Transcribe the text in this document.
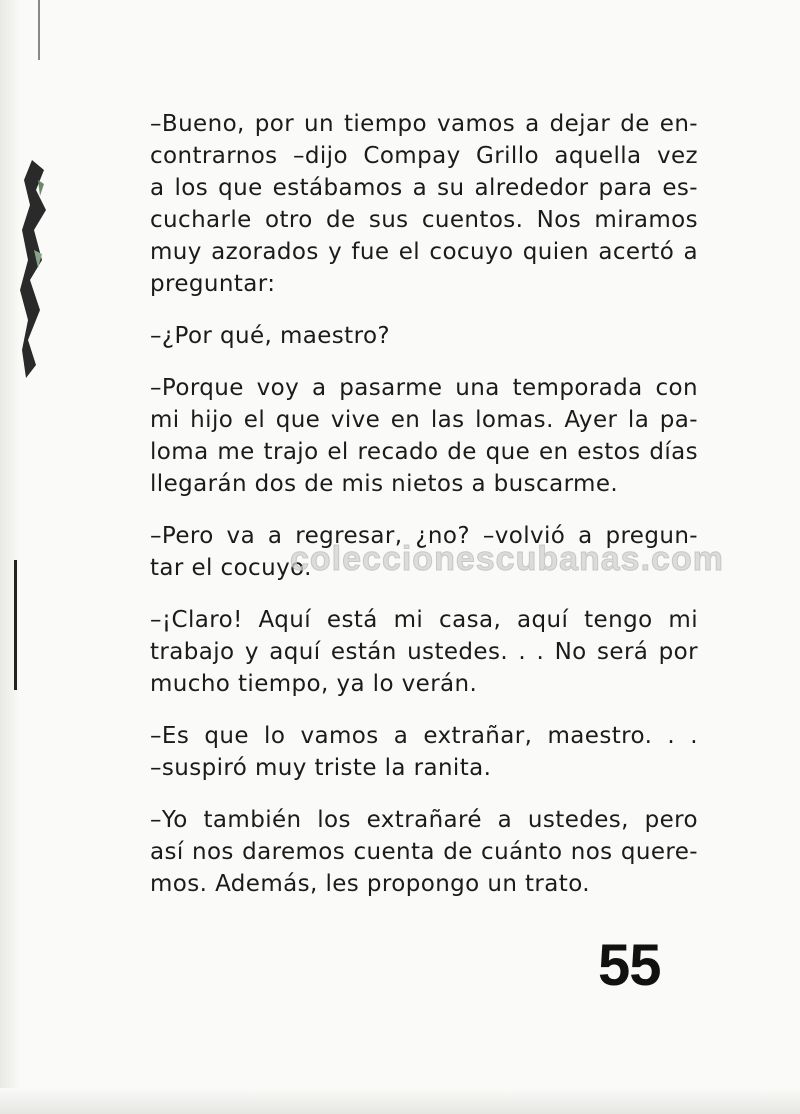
–Bueno, por un tiempo vamos a dejar de en-
contrarnos –dijo Compay Grillo aquella vez
a los que estábamos a su alrededor para es-
cucharle otro de sus cuentos. Nos miramos
muy azorados y fue el cocuyo quien acertó a
preguntar:
–¿Por qué, maestro?
–Porque voy a pasarme una temporada con
mi hijo el que vive en las lomas. Ayer la pa-
loma me trajo el recado de que en estos días
llegarán dos de mis nietos a buscarme.
–Pero va a regresar, ¿no? –volvió a pregun-
tar el cocuyo.
–¡Claro! Aquí está mi casa, aquí tengo mi
trabajo y aquí están ustedes. . . No será por
mucho tiempo, ya lo verán.
–Es que lo vamos a extrañar, maestro. . .
–suspiró muy triste la ranita.
–Yo también los extrañaré a ustedes, pero
así nos daremos cuenta de cuánto nos quere-
mos. Además, les propongo un trato.
coleccionescubanas.com
55
